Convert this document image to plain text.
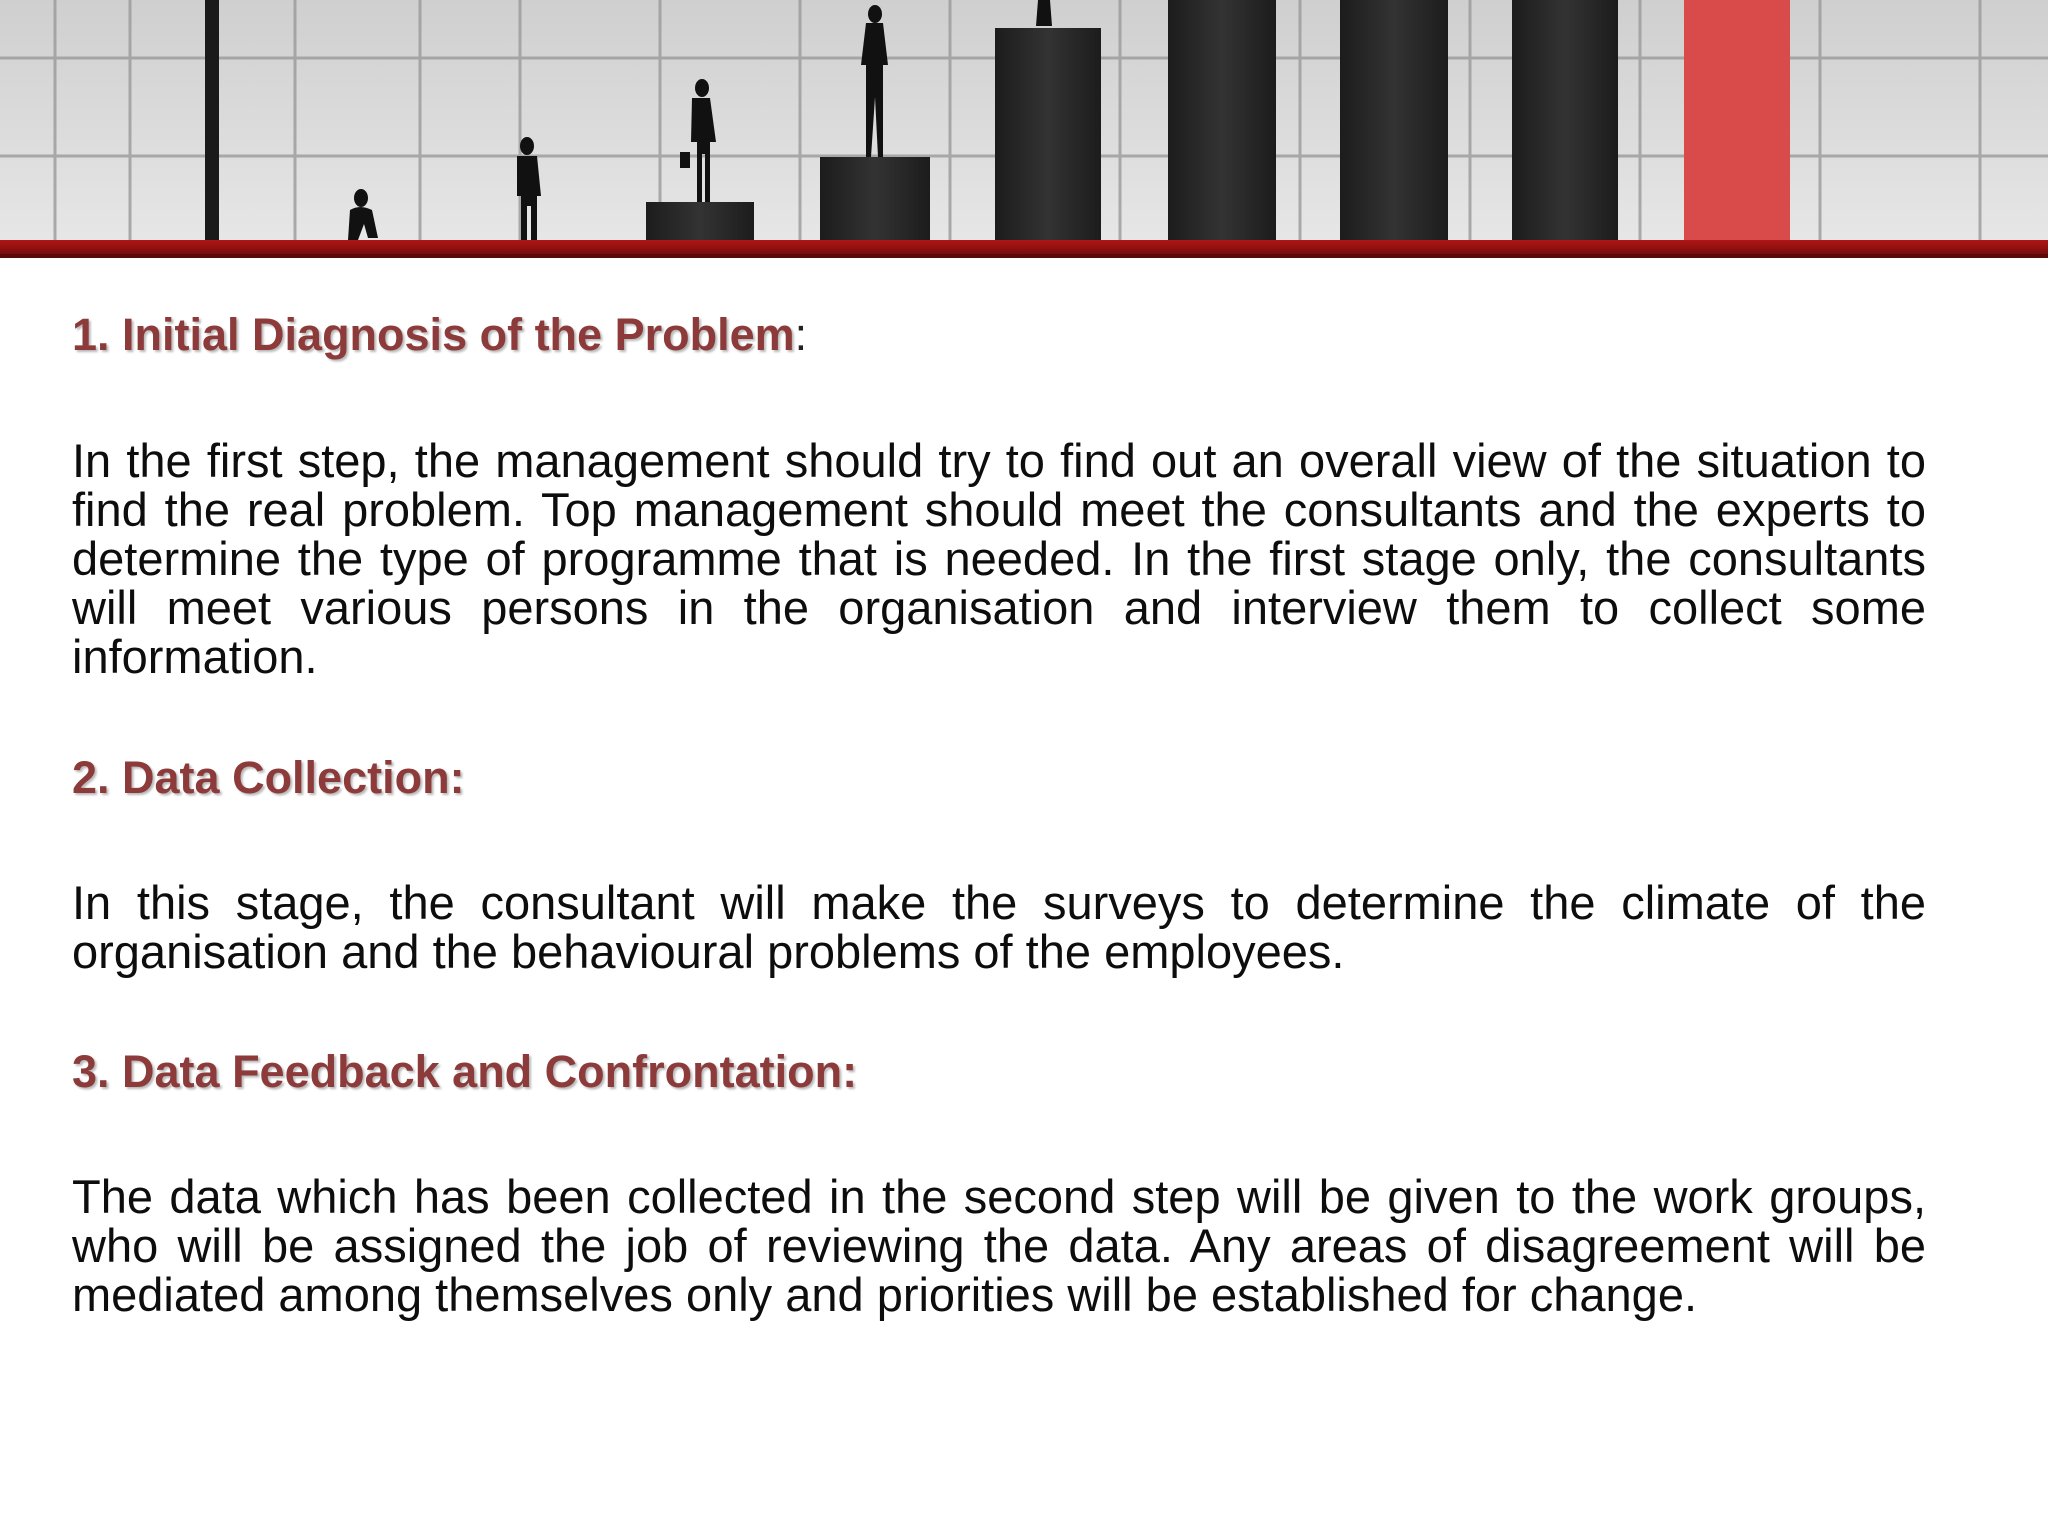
1. Initial Diagnosis of the Problem:

In the first step, the management should try to find out an overall view of the situation to find the real problem. Top management should meet the consultants and the experts to determine the type of programme that is needed. In the first stage only, the consultants will meet various persons in the organisation and interview them to collect some information.

2. Data Collection:

In this stage, the consultant will make the surveys to determine the climate of the organisation and the behavioural problems of the employees.

3. Data Feedback and Confrontation:

The data which has been collected in the second step will be given to the work groups, who will be assigned the job of reviewing the data. Any areas of disagreement will be mediated among themselves only and priorities will be established for change.
